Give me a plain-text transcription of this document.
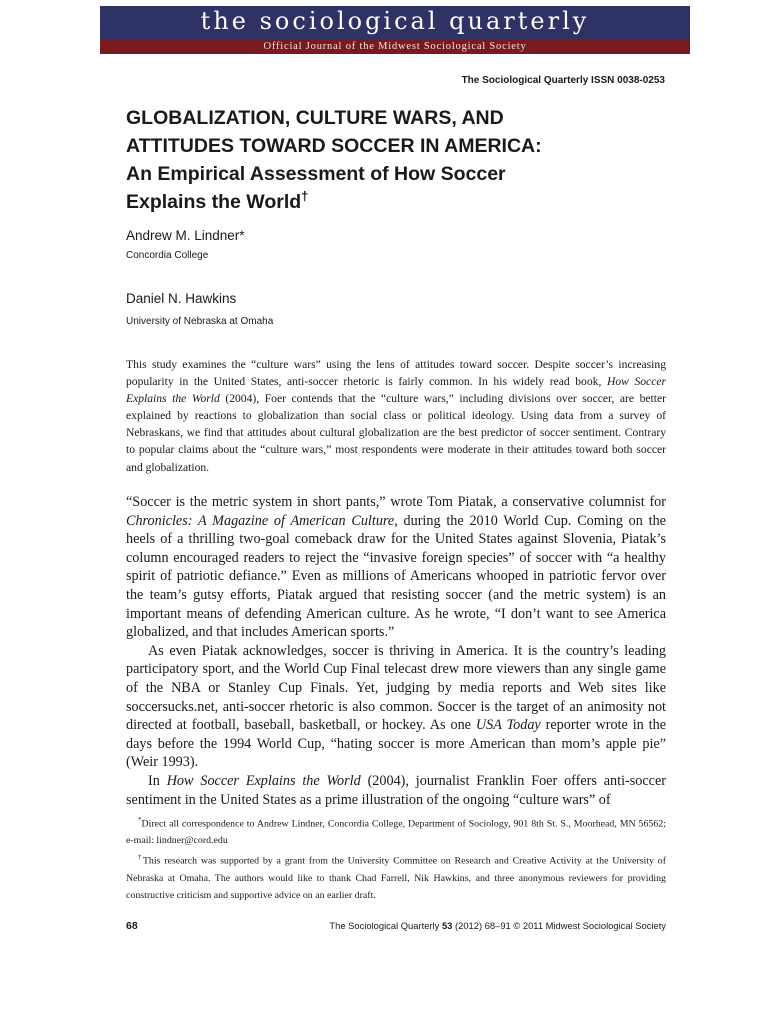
the sociological quarterly
Official Journal of the Midwest Sociological Society
The Sociological Quarterly ISSN 0038-0253
GLOBALIZATION, CULTURE WARS, AND
ATTITUDES TOWARD SOCCER IN AMERICA:
An Empirical Assessment of How Soccer
Explains the World†
Andrew M. Lindner*
Concordia College
Daniel N. Hawkins
University of Nebraska at Omaha

This study examines the “culture wars” using the lens of attitudes toward soccer. Despite soccer’s increasing popularity in the United States, anti-soccer rhetoric is fairly common. In his widely read book, How Soccer Explains the World (2004), Foer contends that the “culture wars,” including divisions over soccer, are better explained by reactions to globalization than social class or political ideology. Using data from a survey of Nebraskans, we find that attitudes about cultural globalization are the best predictor of soccer sentiment. Contrary to popular claims about the “culture wars,” most respondents were moderate in their attitudes toward both soccer and globalization.

“Soccer is the metric system in short pants,” wrote Tom Piatak, a conservative columnist for Chronicles: A Magazine of American Culture, during the 2010 World Cup. Coming on the heels of a thrilling two-goal comeback draw for the United States against Slovenia, Piatak’s column encouraged readers to reject the “invasive foreign species” of soccer with “a healthy spirit of patriotic defiance.” Even as millions of Americans whooped in patriotic fervor over the team’s gutsy efforts, Piatak argued that resisting soccer (and the metric system) is an important means of defending American culture. As he wrote, “I don’t want to see America globalized, and that includes American sports.”

As even Piatak acknowledges, soccer is thriving in America. It is the country’s leading participatory sport, and the World Cup Final telecast drew more viewers than any single game of the NBA or Stanley Cup Finals. Yet, judging by media reports and Web sites like soccersucks.net, anti-soccer rhetoric is also common. Soccer is the target of an animosity not directed at football, baseball, basketball, or hockey. As one USA Today reporter wrote in the days before the 1994 World Cup, “hating soccer is more American than mom’s apple pie” (Weir 1993).

In How Soccer Explains the World (2004), journalist Franklin Foer offers anti-soccer sentiment in the United States as a prime illustration of the ongoing “culture wars” of

*Direct all correspondence to Andrew Lindner, Concordia College, Department of Sociology, 901 8th St. S., Moorhead, MN 56562; e-mail: lindner@cord.edu

†This research was supported by a grant from the University Committee on Research and Creative Activity at the University of Nebraska at Omaha. The authors would like to thank Chad Farrell, Nik Hawkins, and three anonymous reviewers for providing constructive criticism and supportive advice on an earlier draft.

68	The Sociological Quarterly 53 (2012) 68–91 © 2011 Midwest Sociological Society
